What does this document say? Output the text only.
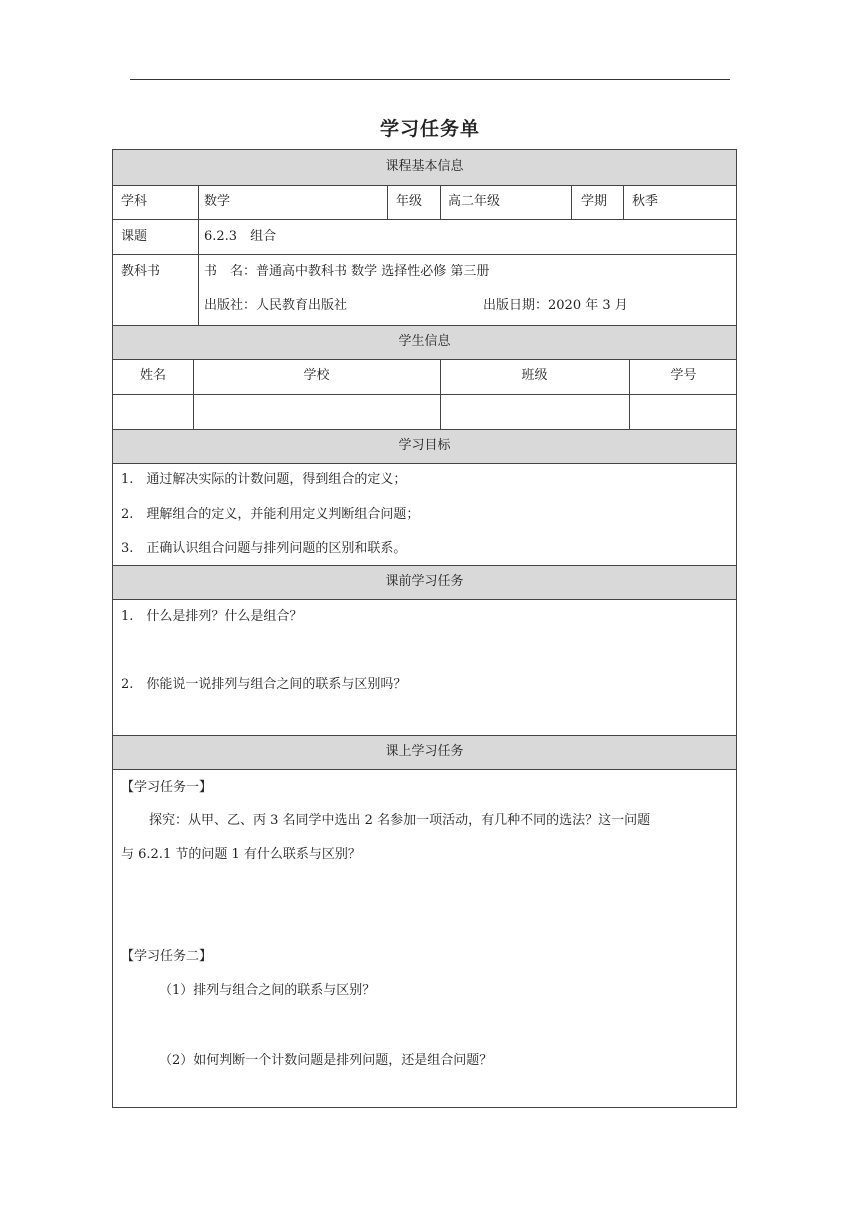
学习任务单
课程基本信息
学生信息
学习目标
课前学习任务
课上学习任务
学科	数学	年级 高二年级	学期 秋季
课题	6.2.3　组合
教科书	书　名：普通高中教科书 数学 选择性必修 第三册
出版社：人民教育出版社	出版日期：2020 年 3 月
姓名	学校	班级	学号
1.　通过解决实际的计数问题，得到组合的定义；
2.　理解组合的定义，并能利用定义判断组合问题；
3.　正确认识组合问题与排列问题的区别和联系。
1.　什么是排列？什么是组合？
2.　你能说一说排列与组合之间的联系与区别吗？
【学习任务一】
探究：从甲、乙、丙 3 名同学中选出 2 名参加一项活动，有几种不同的选法？这一问题
与 6.2.1 节的问题 1 有什么联系与区别？
【学习任务二】
（1）排列与组合之间的联系与区别？
（2）如何判断一个计数问题是排列问题，还是组合问题？
